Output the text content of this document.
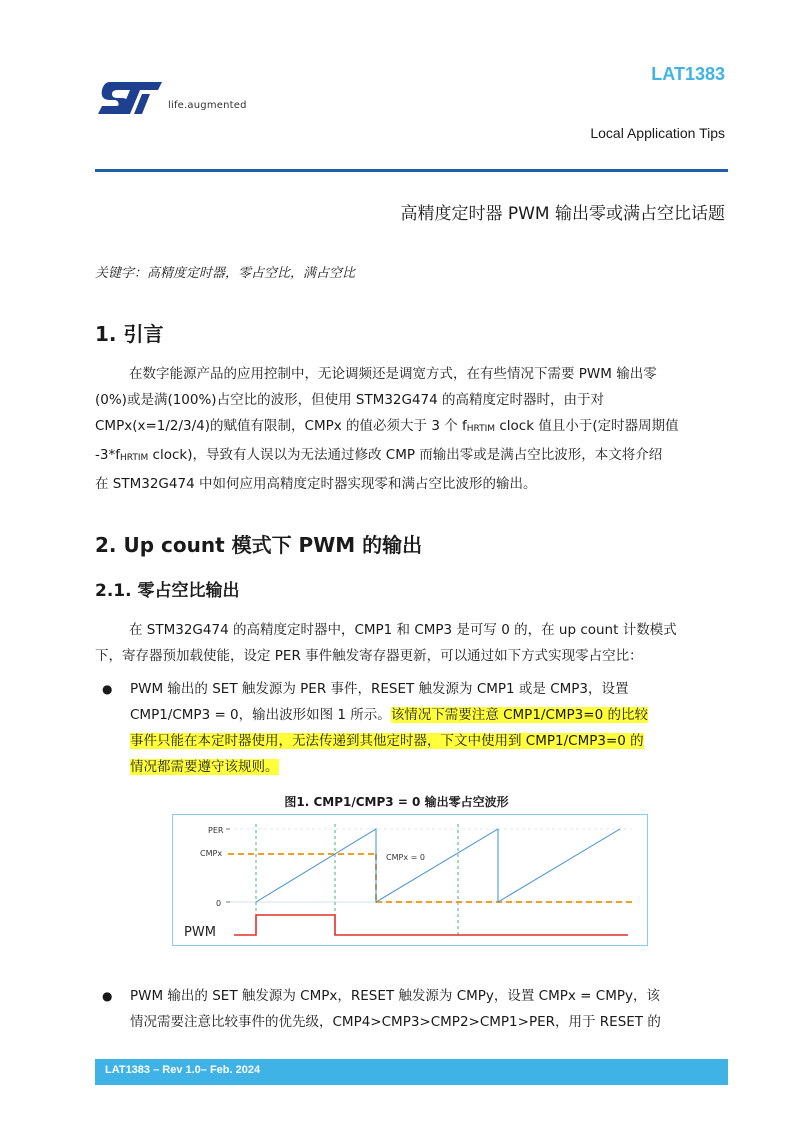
life.augmented
LAT1383
Local Application Tips
高精度定时器 PWM 输出零或满占空比话题
关键字：高精度定时器，零占空比，满占空比
1. 引言
在数字能源产品的应用控制中，无论调频还是调宽方式，在有些情况下需要 PWM 输出零
(0%)或是满(100%)占空比的波形，但使用 STM32G474 的高精度定时器时，由于对
CMPx(x=1/2/3/4)的赋值有限制，CMPx 的值必须大于 3 个 $f_{HRTIM}$ clock 值且小于(定时器周期值
$-3*f_{HRTIM}$ clock)，导致有人误以为无法通过修改 CMP 而输出零或是满占空比波形，本文将介绍
在 STM32G474 中如何应用高精度定时器实现零和满占空比波形的输出。
2. Up count 模式下 PWM 的输出
2.1. 零占空比输出
在 STM32G474 的高精度定时器中，CMP1 和 CMP3 是可写 0 的，在 up count 计数模式
下，寄存器预加载使能，设定 PER 事件触发寄存器更新，可以通过如下方式实现零占空比：
● PWM 输出的 SET 触发源为 PER 事件，RESET 触发源为 CMP1 或是 CMP3，设置
CMP1/CMP3 = 0，输出波形如图 1 所示。该情况下需要注意 CMP1/CMP3=0 的比较
事件只能在本定时器使用，无法传递到其他定时器，下文中使用到 CMP1/CMP3=0 的
情况都需要遵守该规则。
图1. CMP1/CMP3 = 0 输出零占空波形
PER
CMPx
0
CMPx = 0
PWM
● PWM 输出的 SET 触发源为 CMPx，RESET 触发源为 CMPy，设置 CMPx = CMPy，该
情况需要注意比较事件的优先级，CMP4>CMP3>CMP2>CMP1>PER，用于 RESET 的
LAT1383 – Rev 1.0– Feb. 2024
